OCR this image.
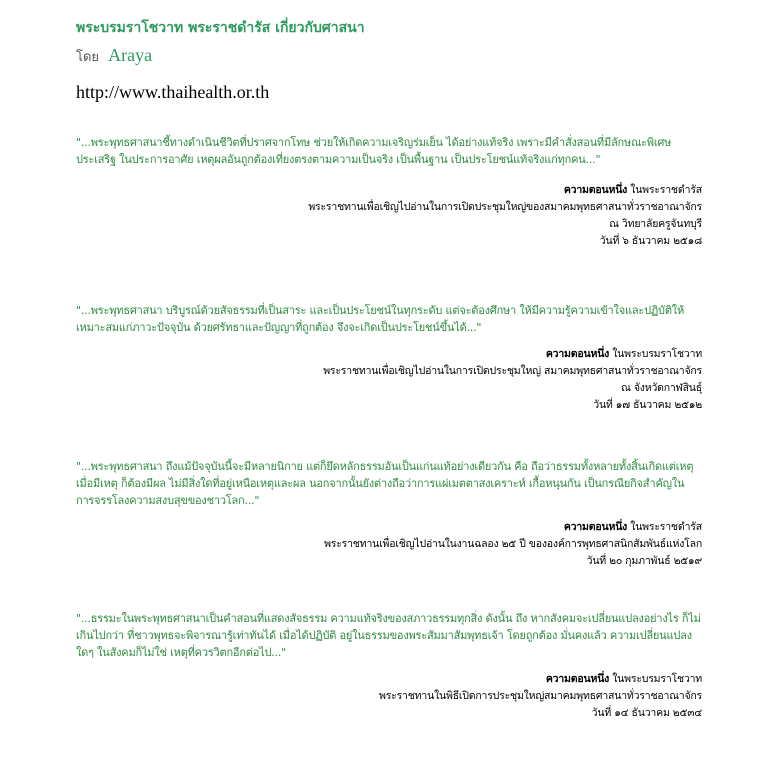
พระบรมราโชวาท พระราชดำรัส เกี่ยวกับศาสนา
โดย Araya
http://www.thaihealth.or.th

"...พระพุทธศาสนาชี้ทางดำเนินชีวิตที่ปราศจากโทษ ช่วยให้เกิดความเจริญร่มเย็น ได้อย่างแท้จริง เพราะมีคำสั่งสอนที่มีลักษณะพิเศษประเสริฐ ในประการอาศัย เหตุผลอันถูกต้องเที่ยงตรงตามความเป็นจริง เป็นพื้นฐาน เป็นประโยชน์แท้จริงแก่ทุกคน..."

ความตอนหนึ่ง ในพระราชดำรัส
พระราชทานเพื่อเชิญไปอ่านในการเปิดประชุมใหญ่ของสมาคมพุทธศาสนาทั่วราชอาณาจักร
ณ วิทยาลัยครูจันทบุรี
วันที่ ๖ ธันวาคม ๒๕๑๘

"...พระพุทธศาสนา บริบูรณ์ด้วยสัจธรรมที่เป็นสาระ และเป็นประโยชน์ในทุกระดับ แต่จะต้องศึกษา ให้มีความรู้ความเข้าใจและปฏิบัติให้เหมาะสมแก่ภาวะปัจจุบัน ด้วยศรัทธาและปัญญาที่ถูกต้อง จึงจะเกิดเป็นประโยชน์ขึ้นได้..."

ความตอนหนึ่ง ในพระบรมราโชวาท
พระราชทานเพื่อเชิญไปอ่านในการเปิดประชุมใหญ่ สมาคมพุทธศาสนาทั่วราชอาณาจักร
ณ จังหวัดกาฬสินธุ์
วันที่ ๑๗ ธันวาคม ๒๕๑๒

"...พระพุทธศาสนา ถึงแม้ปัจจุบันนี้จะมีหลายนิกาย แต่ก็ยึดหลักธรรมอันเป็นแก่นแท้อย่างเดียวกัน คือ ถือว่าธรรมทั้งหลายทั้งสิ้นเกิดแต่เหตุ เมื่อมีเหตุ ก็ต้องมีผล ไม่มีสิ่งใดที่อยู่เหนือเหตุและผล นอกจากนั้นยังต่างถือว่าการแผ่เมตตาสงเคราะห์ เกื้อหนุนกัน เป็นกรณียกิจสำคัญในการจรรโลงความสงบสุขของชาวโลก..."

ความตอนหนึ่ง ในพระราชดำรัส
พระราชทานเพื่อเชิญไปอ่านในงานฉลอง ๒๕ ปี ขององค์การพุทธศาสนิกสัมพันธ์แห่งโลก
วันที่ ๒๐ กุมภาพันธ์ ๒๕๑๙

"...ธรรมะในพระพุทธศาสนาเป็นคำสอนที่แสดงสัจธรรม ความแท้จริงของสภาวธรรมทุกสิ่ง ดังนั้น ถึง หากสังคมจะเปลี่ยนแปลงอย่างไร ก็ไม่เกินไปกว่า ที่ชาวพุทธจะพิจารณารู้เท่าทันได้ เมื่อได้ปฏิบัติ อยู่ในธรรมของพระสัมมาสัมพุทธเจ้า โดยถูกต้อง มั่นคงแล้ว ความเปลี่ยนแปลงใดๆ ในสังคมก็ไม่ใช่ เหตุที่ควรวิตกอีกต่อไป..."

ความตอนหนึ่ง ในพระบรมราโชวาท
พระราชทานในพิธีเปิดการประชุมใหญ่สมาคมพุทธศาสนาทั่วราชอาณาจักร
วันที่ ๑๔ ธันวาคม ๒๕๓๔
